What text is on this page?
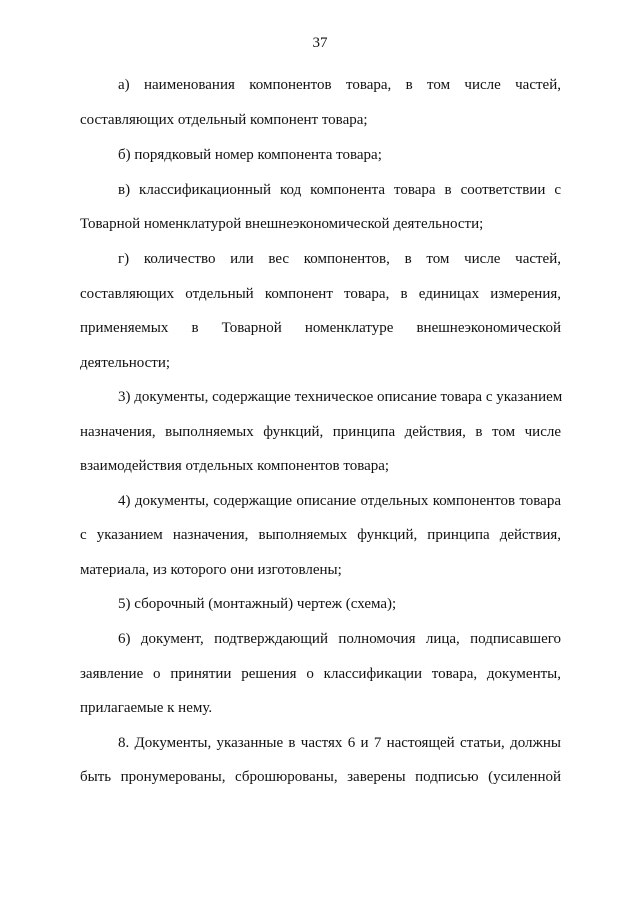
37
а) наименования компонентов товара, в том числе частей,
составляющих отдельный компонент товара;
б) порядковый номер компонента товара;
в) классификационный код компонента товара в соответствии с
Товарной номенклатурой внешнеэкономической деятельности;
г) количество или вес компонентов, в том числе частей,
составляющих отдельный компонент товара, в единицах измерения,
применяемых в Товарной номенклатуре внешнеэкономической
деятельности;
3) документы, содержащие техническое описание товара с указанием
назначения, выполняемых функций, принципа действия, в том числе
взаимодействия отдельных компонентов товара;
4) документы, содержащие описание отдельных компонентов товара
с указанием назначения, выполняемых функций, принципа действия,
материала, из которого они изготовлены;
5) сборочный (монтажный) чертеж (схема);
6) документ, подтверждающий полномочия лица, подписавшего
заявление о принятии решения о классификации товара, документы,
прилагаемые к нему.
8. Документы, указанные в частях 6 и 7 настоящей статьи, должны
быть пронумерованы, сброшюрованы, заверены подписью (усиленной
